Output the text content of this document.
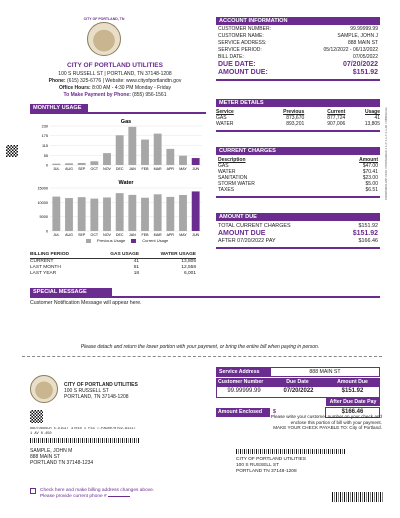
CITY OF PORTLAND, TN
CITY OF PORTLAND UTILITIES
100 S RUSSELL ST | PORTLAND, TN 37148-1208
Phone: (615) 325-6776 | Website: www.cityofportlandtn.gov
Office Hours: 8:00 AM - 4:30 PM Monday - Friday
To Make Payment by Phone: (855) 956-1561
ACCOUNT INFORMATION
CUSTOMER NUMBER:	99.99999.99
CUSTOMER NAME:	SAMPLE, JOHN J
SERVICE ADDRESS:	888 MAIN ST
SERVICE PERIOD:	05/12/2022 - 06/13/2022
BILL DATE:	07/05/2022
DUE DATE:	07/20/2022
AMOUNT DUE:	$151.92
METER DETAILS
Service	Previous	Current	Usage
GAS	873,670	877,724	41
WATER	893,201	907,006	13,805
CURRENT CHARGES
Description	Amount
GAS	$47.00
WATER	$70.41
SANITATION	$23.00
STORM WATER	$5.00
TAXES	$6.51
AMOUNT DUE
TOTAL CURRENT CHARGES	$151.92
AMOUNT DUE	$151.92
AFTER 07/20/2022 PAY	$166.46
MONTHLY USAGE
Gas
230
175
115
55
0
JUL AUG SEP OCT NOV DEC JAN FEB MAR APR MAY JUN
Water
15000
10000
5000
0
JUL AUG SEP OCT NOV DEC JAN FEB MAR APR MAY JUN
Previous Usage	Current Usage
BILLING PERIOD	GAS USAGE	WATER USAGE
CURRENT	41	13,805
LAST MONTH	51	12,558
LAST YEAR	18	6,001
SPECIAL MESSAGE
Customer Notification Message will appear here.
PW4050001-MP-V100 / PRPAG0010-1 1-P 1-1-7-1-1-00 / NBRmmmc
Please detach and return the lower portion with your payment, or bring the entire bill when paying in person.
CITY OF PORTLAND UTILITIES
100 S RUSSELL ST
PORTLAND, TN 37148-1208
#AUTO##SCH 5-DIGIT 37010 1 P33 T-PAG0070702-A1117
1 AV 0.450
SAMPLE, JOHN M
888 MAIN ST
PORTLAND TN 37148-1234
Service Address	888 MAIN ST
Customer Number	Due Date	Amount Due
99.99999.99	07/20/2022	$151.92
After Due Date Pay
Amount Enclosed	$	$166.46
Please write your customer number on your check and
enclose this portion of bill with your payment.
MAKE YOUR CHECK PAYABLE TO: City of Portland.
CITY OF PORTLAND UTILITIES
100 S RUSSELL ST
PORTLAND TN 37148-1208
Check here and make billing address changes above.
Please provide current phone #
